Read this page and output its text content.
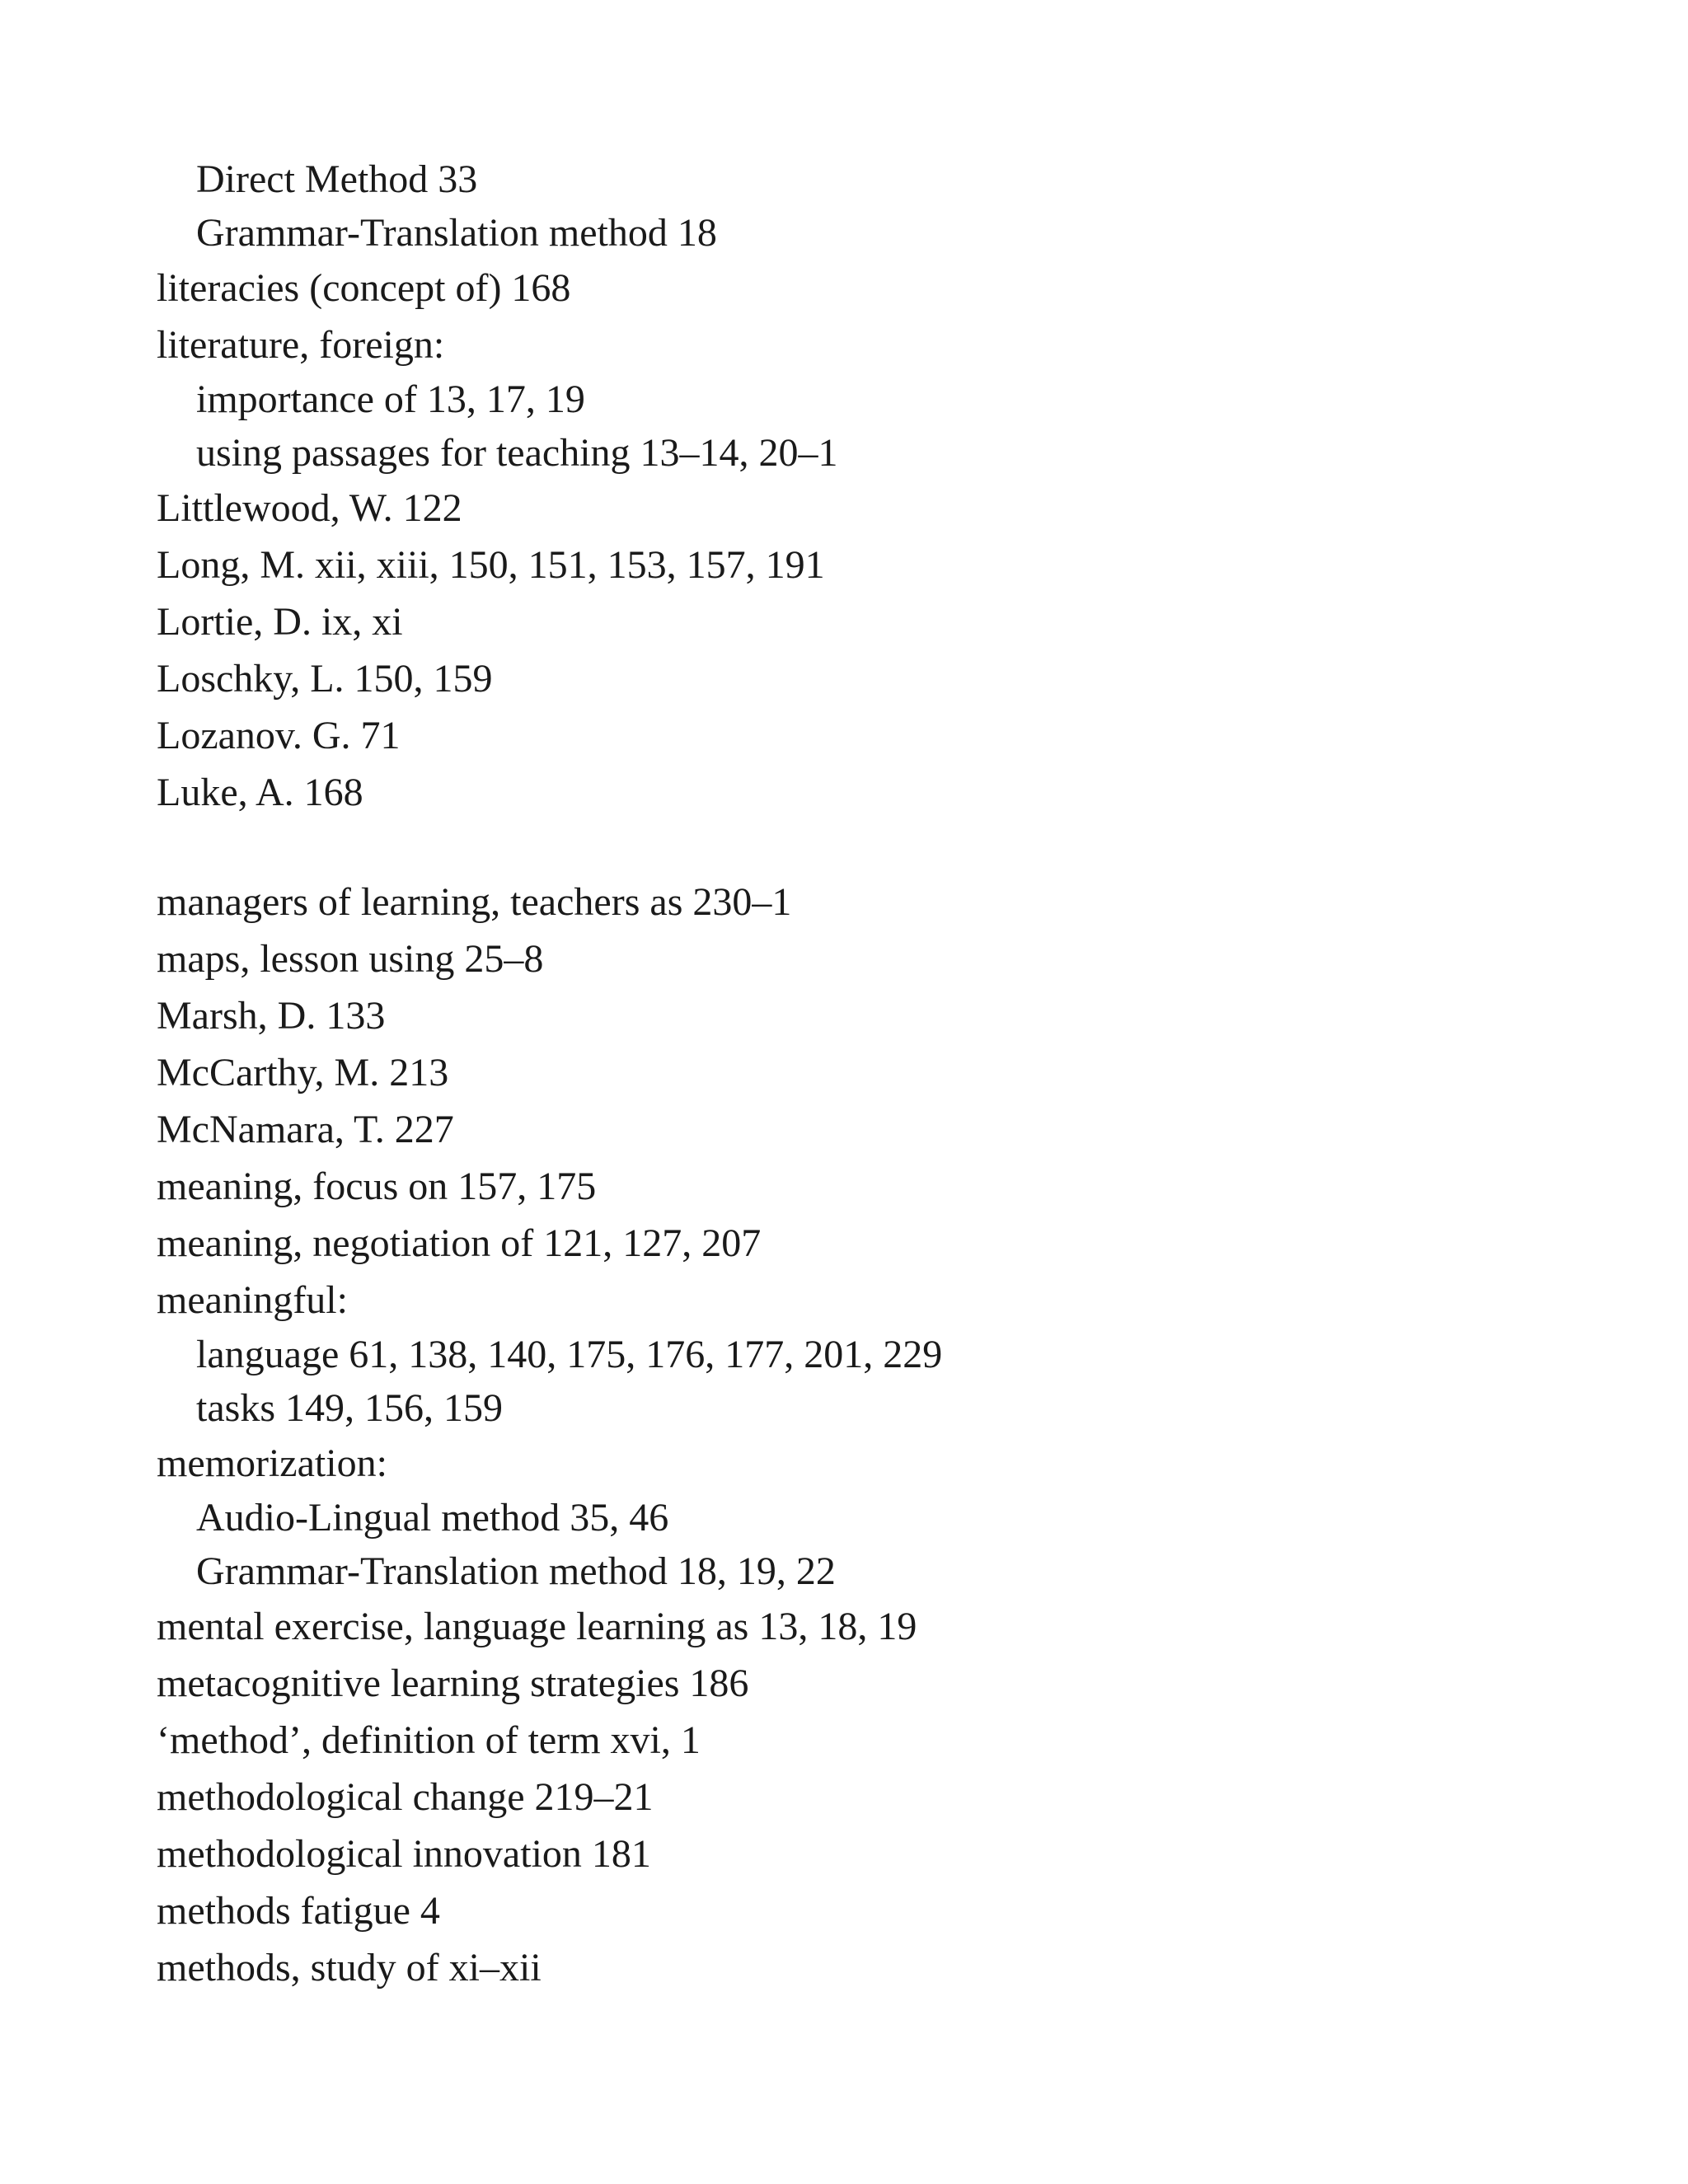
Direct Method 33
Grammar-Translation method 18
literacies (concept of) 168
literature, foreign:
importance of 13, 17, 19
using passages for teaching 13–14, 20–1
Littlewood, W. 122
Long, M. xii, xiii, 150, 151, 153, 157, 191
Lortie, D. ix, xi
Loschky, L. 150, 159
Lozanov. G. 71
Luke, A. 168
managers of learning, teachers as 230–1
maps, lesson using 25–8
Marsh, D. 133
McCarthy, M. 213
McNamara, T. 227
meaning, focus on 157, 175
meaning, negotiation of 121, 127, 207
meaningful:
language 61, 138, 140, 175, 176, 177, 201, 229
tasks 149, 156, 159
memorization:
Audio-Lingual method 35, 46
Grammar-Translation method 18, 19, 22
mental exercise, language learning as 13, 18, 19
metacognitive learning strategies 186
‘method’, definition of term xvi, 1
methodological change 219–21
methodological innovation 181
methods fatigue 4
methods, study of xi–xii
